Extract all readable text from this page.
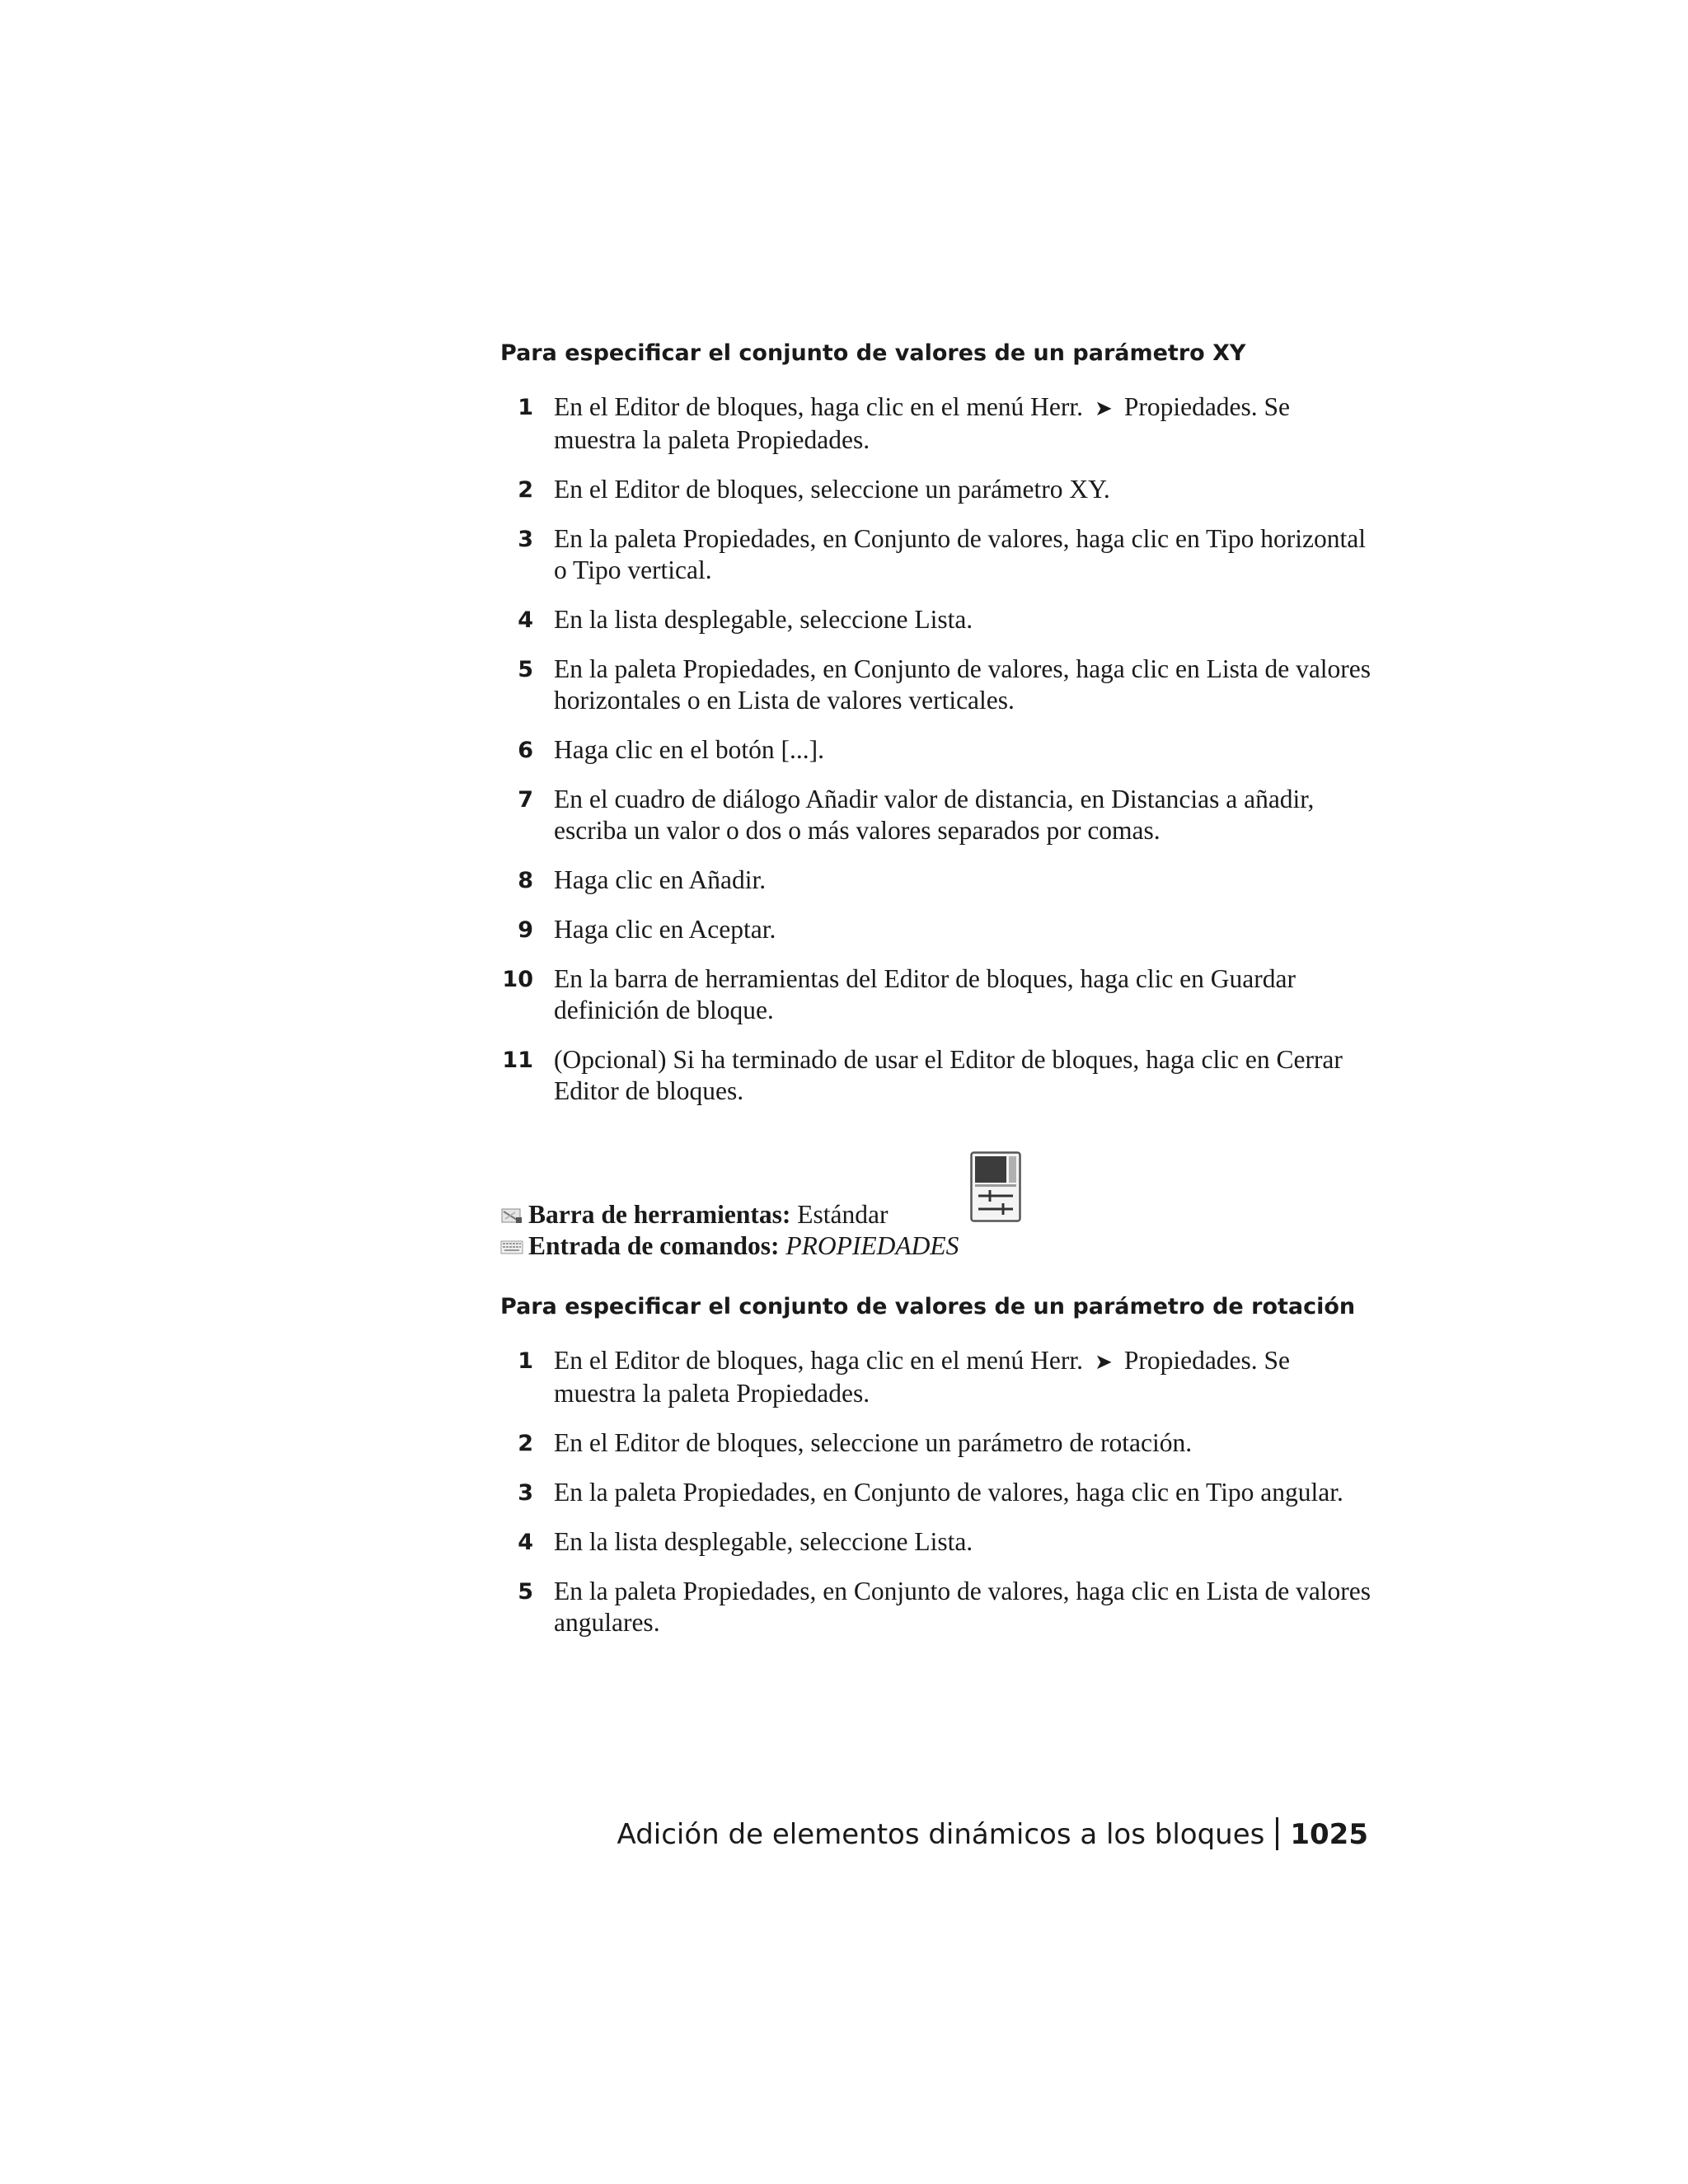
Para especificar el conjunto de valores de un parámetro XY
1 En el Editor de bloques, haga clic en el menú Herr. ➤ Propiedades. Se muestra la paleta Propiedades.
2 En el Editor de bloques, seleccione un parámetro XY.
3 En la paleta Propiedades, en Conjunto de valores, haga clic en Tipo horizontal o Tipo vertical.
4 En la lista desplegable, seleccione Lista.
5 En la paleta Propiedades, en Conjunto de valores, haga clic en Lista de valores horizontales o en Lista de valores verticales.
6 Haga clic en el botón [...].
7 En el cuadro de diálogo Añadir valor de distancia, en Distancias a añadir, escriba un valor o dos o más valores separados por comas.
8 Haga clic en Añadir.
9 Haga clic en Aceptar.
10 En la barra de herramientas del Editor de bloques, haga clic en Guardar definición de bloque.
11 (Opcional) Si ha terminado de usar el Editor de bloques, haga clic en Cerrar Editor de bloques.
Barra de herramientas: Estándar
Entrada de comandos: PROPIEDADES
Para especificar el conjunto de valores de un parámetro de rotación
1 En el Editor de bloques, haga clic en el menú Herr. ➤ Propiedades. Se muestra la paleta Propiedades.
2 En el Editor de bloques, seleccione un parámetro de rotación.
3 En la paleta Propiedades, en Conjunto de valores, haga clic en Tipo angular.
4 En la lista desplegable, seleccione Lista.
5 En la paleta Propiedades, en Conjunto de valores, haga clic en Lista de valores angulares.
Adición de elementos dinámicos a los bloques 1025
